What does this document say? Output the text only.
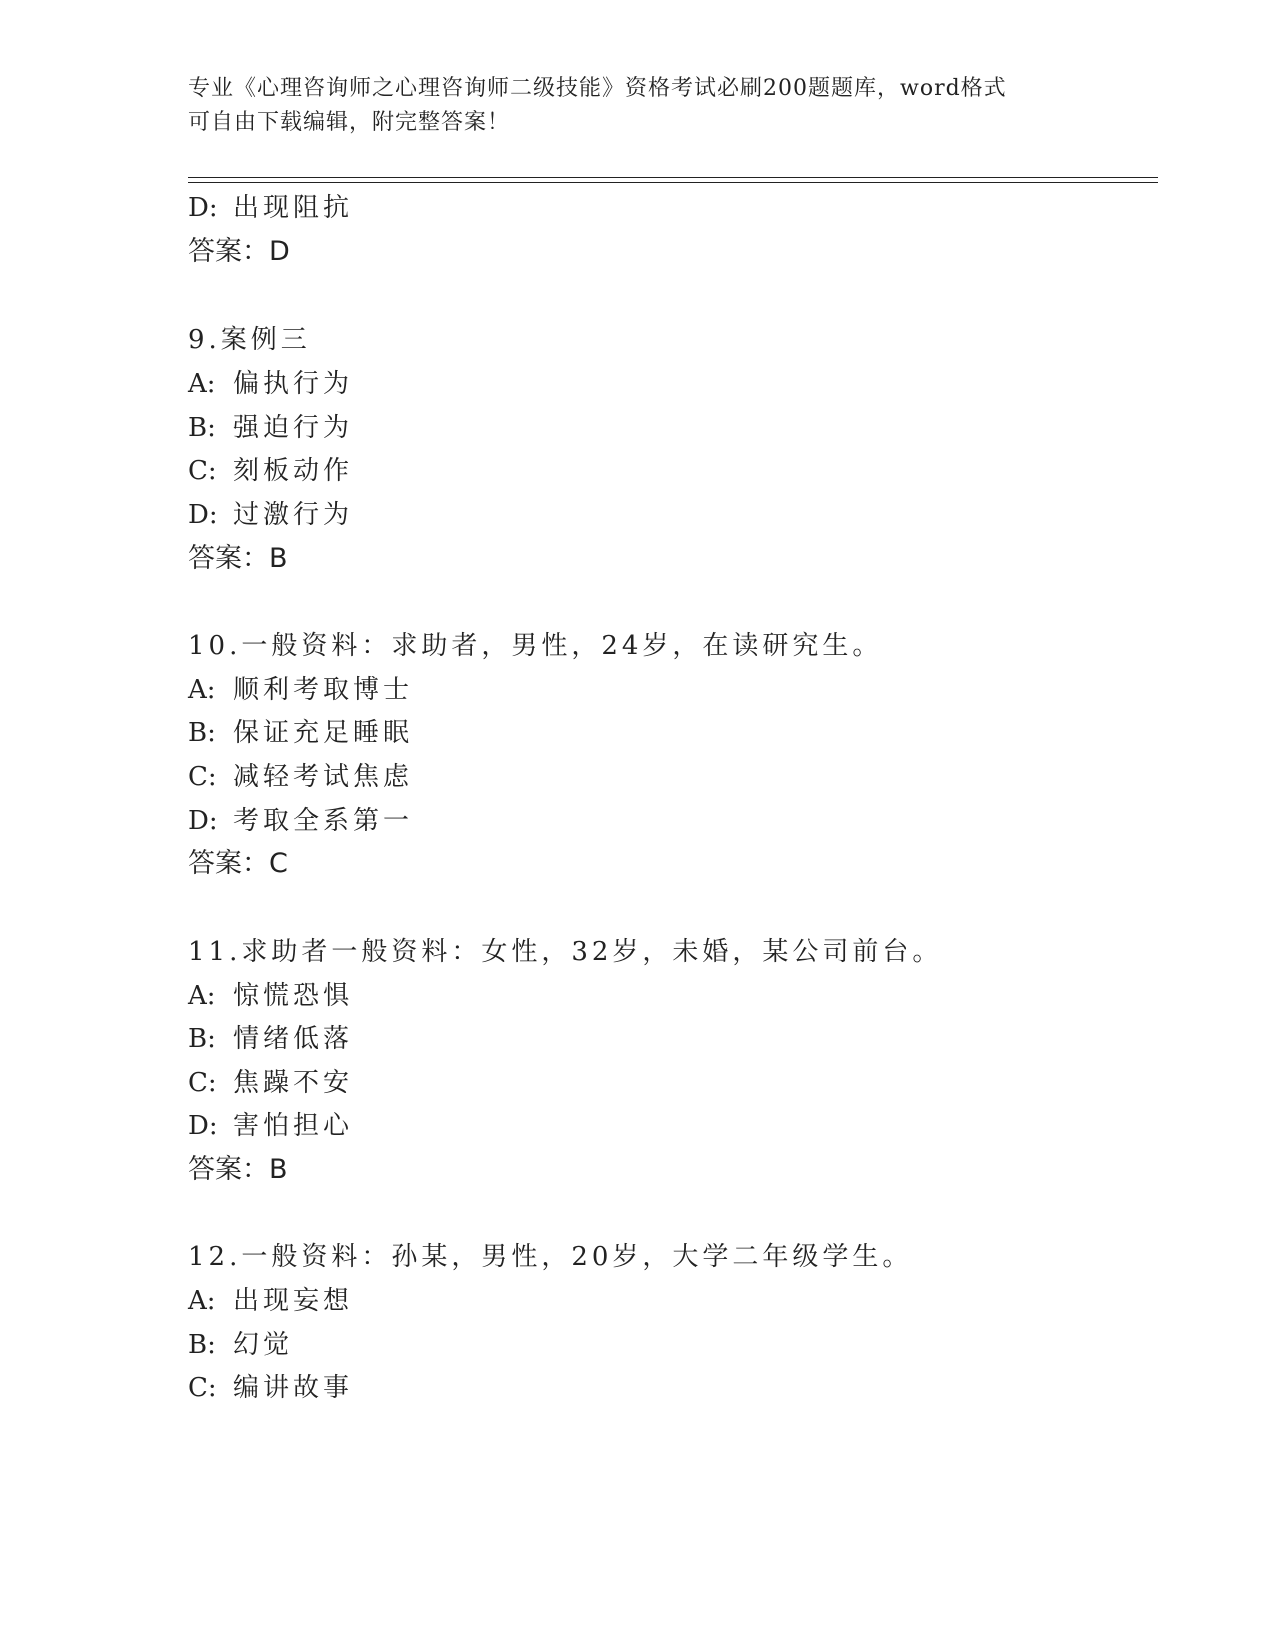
专业《心理咨询师之心理咨询师二级技能》资格考试必刷200题题库，word格式
可自由下载编辑，附完整答案！
D: 出现阻抗
答案：D
9.案例三
A: 偏执行为
B: 强迫行为
C: 刻板动作
D: 过激行为
答案：B
10.一般资料：求助者，男性，24岁，在读研究生。
A: 顺利考取博士
B: 保证充足睡眠
C: 减轻考试焦虑
D: 考取全系第一
答案：C
11.求助者一般资料：女性，32岁，未婚，某公司前台。
A: 惊慌恐惧
B: 情绪低落
C: 焦躁不安
D: 害怕担心
答案：B
12.一般资料：孙某，男性，20岁，大学二年级学生。
A: 出现妄想
B: 幻觉
C: 编讲故事
